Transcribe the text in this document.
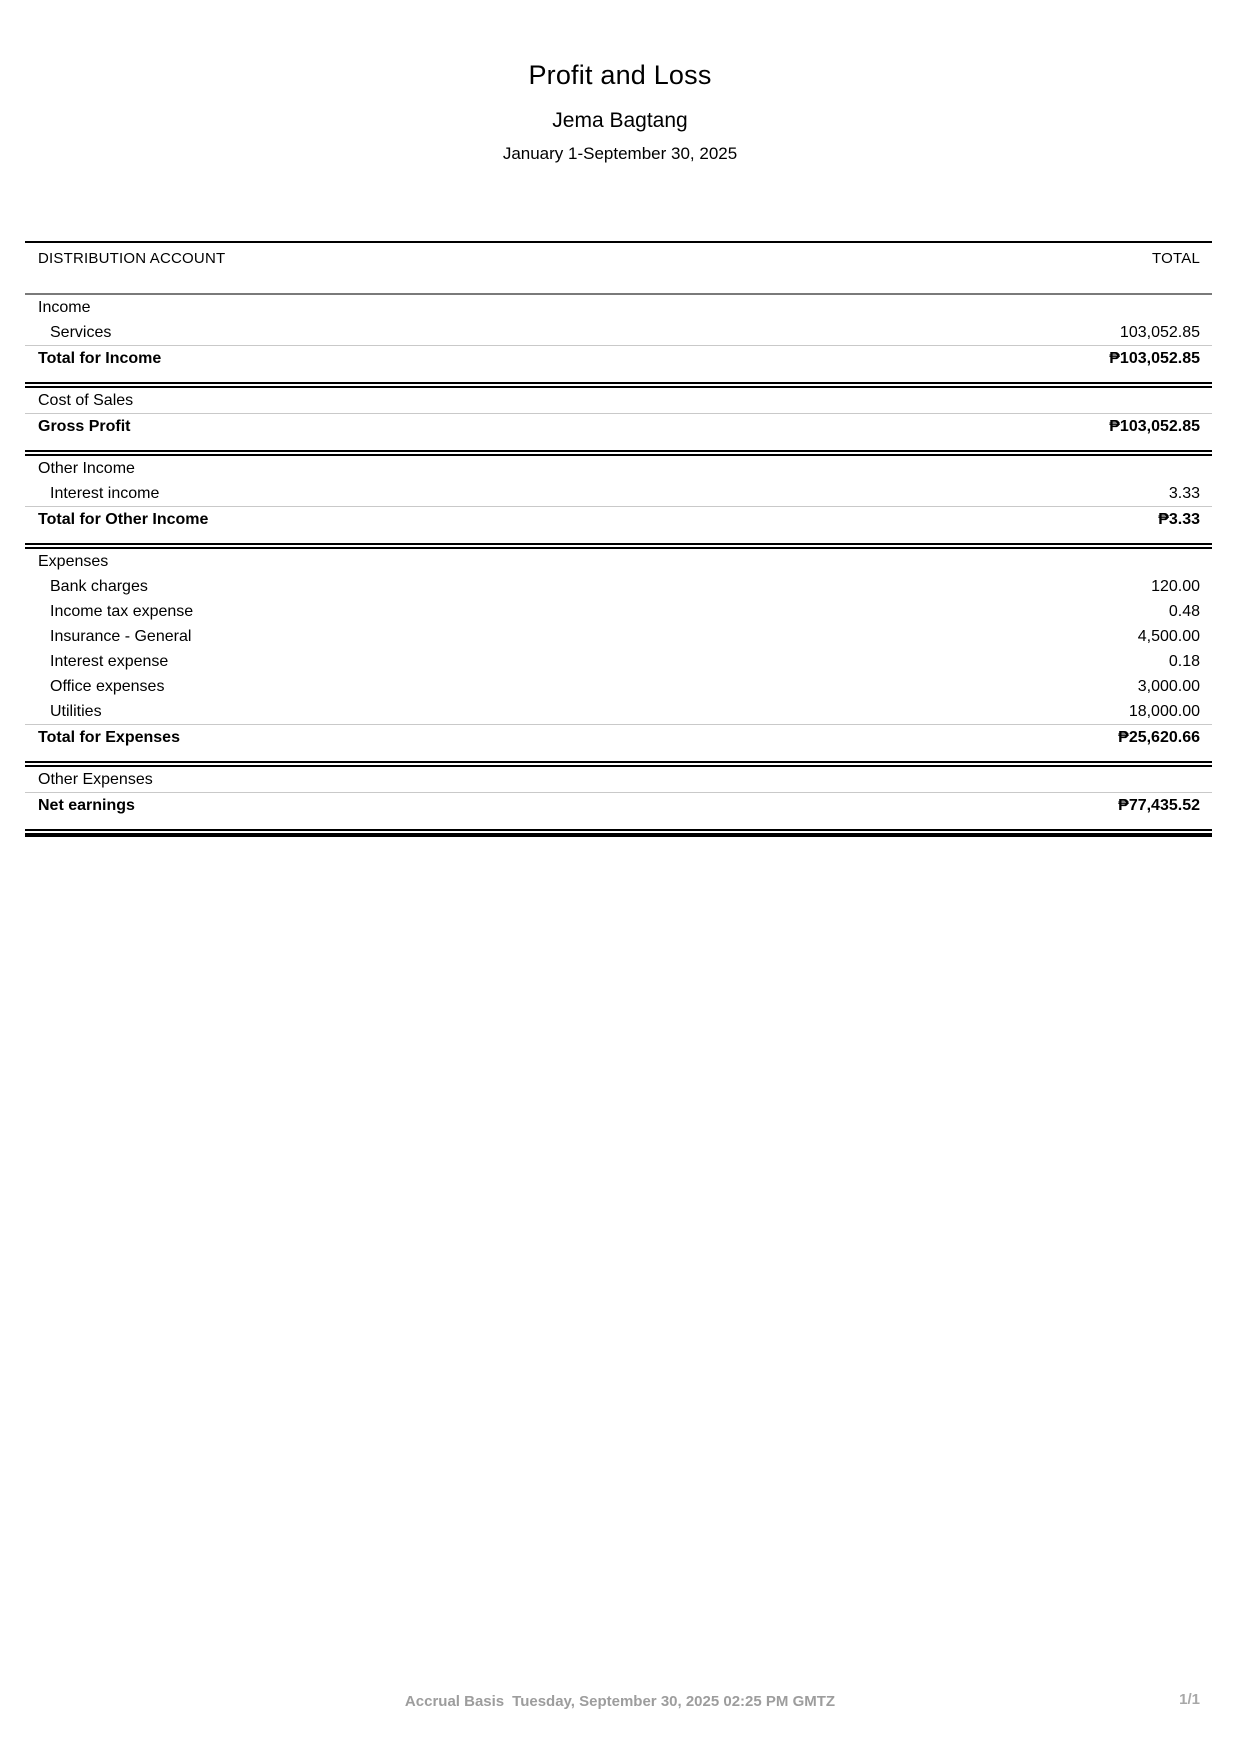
Profit and Loss
Jema Bagtang
January 1-September 30, 2025
DISTRIBUTION ACCOUNT	TOTAL
Income
Services	103,052.85
Total for Income	₱103,052.85
Cost of Sales
Gross Profit	₱103,052.85
Other Income
Interest income	3.33
Total for Other Income	₱3.33
Expenses
Bank charges	120.00
Income tax expense	0.48
Insurance - General	4,500.00
Interest expense	0.18
Office expenses	3,000.00
Utilities	18,000.00
Total for Expenses	₱25,620.66
Other Expenses
Net earnings	₱77,435.52
Accrual Basis Tuesday, September 30, 2025 02:25 PM GMTZ	1/1
